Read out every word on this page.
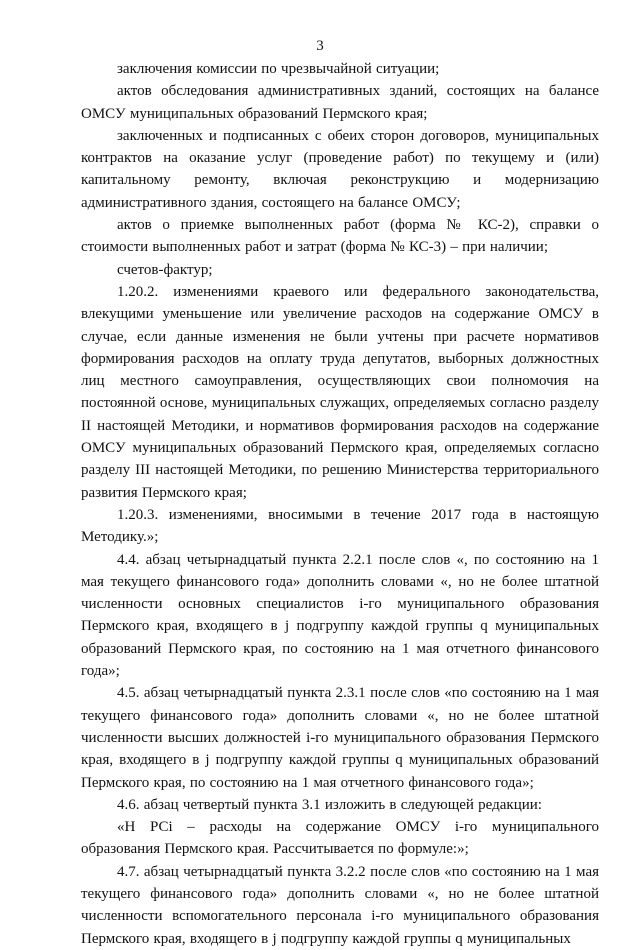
3

заключения комиссии по чрезвычайной ситуации;

актов обследования административных зданий, состоящих на балансе ОМСУ муниципальных образований Пермского края;

заключенных и подписанных с обеих сторон договоров, муниципальных контрактов на оказание услуг (проведение работ) по текущему и (или) капитальному ремонту, включая реконструкцию и модернизацию административного здания, состоящего на балансе ОМСУ;

актов о приемке выполненных работ (форма № КС-2), справки о стоимости выполненных работ и затрат (форма № КС-3) – при наличии;

счетов-фактур;

1.20.2. изменениями краевого или федерального законодательства, влекущими уменьшение или увеличение расходов на содержание ОМСУ в случае, если данные изменения не были учтены при расчете нормативов формирования расходов на оплату труда депутатов, выборных должностных лиц местного самоуправления, осуществляющих свои полномочия на постоянной основе, муниципальных служащих, определяемых согласно разделу II настоящей Методики, и нормативов формирования расходов на содержание ОМСУ муниципальных образований Пермского края, определяемых согласно разделу III настоящей Методики, по решению Министерства территориального развития Пермского края;

1.20.3. изменениями, вносимыми в течение 2017 года в настоящую Методику.»;

4.4. абзац четырнадцатый пункта 2.2.1 после слов «, по состоянию на 1 мая текущего финансового года» дополнить словами «, но не более штатной численности основных специалистов i-го муниципального образования Пермского края, входящего в j подгруппу каждой группы q муниципальных образований Пермского края, по состоянию на 1 мая отчетного финансового года»;

4.5. абзац четырнадцатый пункта 2.3.1 после слов «по состоянию на 1 мая текущего финансового года» дополнить словами «, но не более штатной численности высших должностей i-го муниципального образования Пермского края, входящего в j подгруппу каждой группы q муниципальных образований Пермского края, по состоянию на 1 мая отчетного финансового года»;

4.6. абзац четвертый пункта 3.1 изложить в следующей редакции:

«Н РСi – расходы на содержание ОМСУ i-го муниципального образования Пермского края. Рассчитывается по формуле:»;

4.7. абзац четырнадцатый пункта 3.2.2 после слов «по состоянию на 1 мая текущего финансового года» дополнить словами «, но не более штатной численности вспомогательного персонала i-го муниципального образования Пермского края, входящего в j подгруппу каждой группы q муниципальных
